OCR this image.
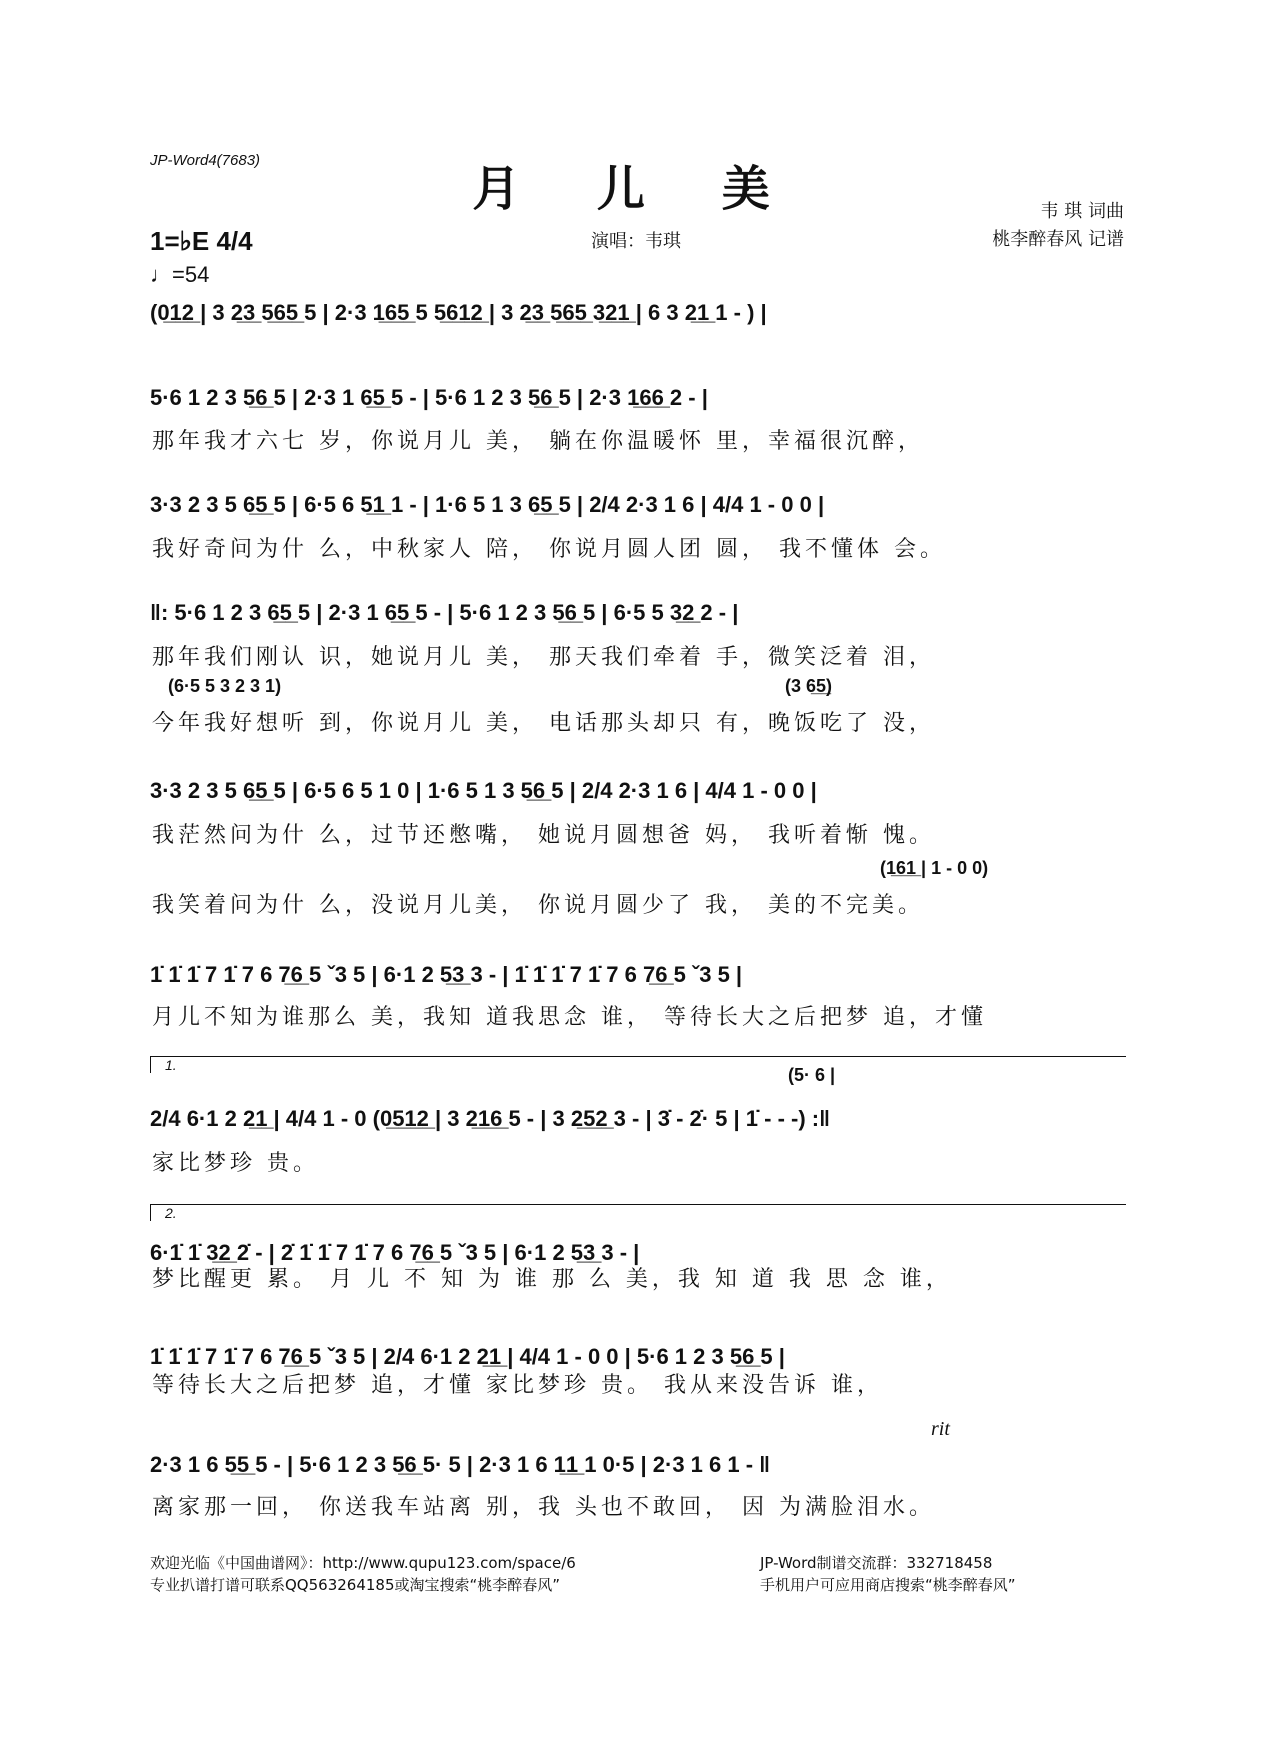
JP-Word4(7683)
月 儿 美	韦 琪 词曲
桃李醉春风 记谱
演唱：韦琪
1=♭E 4/4
♩=54
(0̲1̲2̲ | 3 2̲3̲ 5̲6̲5̲ 5 | 2·3 1̲6̲5̲ 5 5̲6̲1̲2̲ | 3 2̲3̲ 5̲6̲5̲ 3̲2̲1̲ | 6 3 2̲1̲ 1 - ) |
5·6 1 2 3 5̲6̲ 5 | 2·3 1 6̲5̲ 5 - | 5·6 1 2 3 5̲6̲ 5 | 2·3 1̲6̲6̲ 2 - |
那年我才六七 岁，你说月儿 美， 躺在你温暖怀 里，幸福很沉醉，
3·3 2 3 5 6̲5̲ 5 | 6·5 6 5̲1̲ 1 - | 1·6 5 1 3 6̲5̲ 5 | 2/4 2·3 1 6 | 4/4 1 - 0 0 |
我好奇问为什 么，中秋家人 陪， 你说月圆人团 圆， 我不懂体 会。
‖: 5·6 1 2 3 6̲5̲ 5 | 2·3 1 6̲5̲ 5 - | 5·6 1 2 3 5̲6̲ 5 | 6·5 5 3̲2̲ 2 - |
那年我们刚认 识，她说月儿 美， 那天我们牵着 手，微笑泛着 泪，
(6·5 5 3 2 3 1)	(3 6̲5̲)
今年我好想听 到，你说月儿 美， 电话那头却只 有，晚饭吃了 没，
3·3 2 3 5 6̲5̲ 5 | 6·5 6 5 1 0 | 1·6 5 1 3 5̲6̲ 5 | 2/4 2·3 1 6 | 4/4 1 - 0 0 |
我茫然问为什 么，过节还憋嘴， 她说月圆想爸 妈， 我听着惭 愧。
(1̲6̲1̲ | 1 - 0 0)
我笑着问为什 么，没说月儿美， 你说月圆少了 我， 美的不完美。
1̇ 1̇ 1̇ 7 1̇ 7 6 7̲6̲ 5 ˇ3 5 | 6·1 2 5̲3̲ 3 - | 1̇ 1̇ 1̇ 7 1̇ 7 6 7̲6̲ 5 ˇ3 5 |
月儿不知为谁那么 美，我知 道我思念 谁， 等待长大之后把梦 追，才懂
1.	(5· 6 |
2/4 6·1 2 2̲1̲ | 4/4 1 - 0 (0̲5̲1̲2̲ | 3 2̲1̲6̲ 5 - | 3 2̲5̲2̲ 3 - | 3̇ - 2̇· 5 | 1̇ - - -) :‖
家比梦珍 贵。
2.
6·1̇ 1̇ 3̲2̲ 2̇ - | 2̇ 1̇ 1̇ 7 1̇ 7 6 7̲6̲ 5 ˇ3 5 | 6·1 2 5̲3̲ 3 - |
梦比醒更 累。 月 儿 不 知 为 谁 那 么 美，我 知 道 我 思 念 谁，
1̇ 1̇ 1̇ 7 1̇ 7 6 7̲6̲ 5 ˇ3 5 | 2/4 6·1 2 2̲1̲ | 4/4 1 - 0 0 | 5·6 1 2 3 5̲6̲ 5 |
等待长大之后把梦 追，才懂 家比梦珍 贵。 我从来没告诉 谁，
rit
2·3 1 6 5̲5̲ 5 - | 5·6 1 2 3 5̲6̲ 5· 5 | 2·3 1 6 1̲1̲ 1 0·5 | 2·3 1 6 1 - ‖
离家那一回， 你送我车站离 别，我 头也不敢回， 因 为满脸泪水。
欢迎光临《中国曲谱网》：http://www.qupu123.com/space/6
专业扒谱打谱可联系QQ563264185或淘宝搜索“桃李醉春风”
JP-Word制谱交流群：332718458
手机用户可应用商店搜索“桃李醉春风”
